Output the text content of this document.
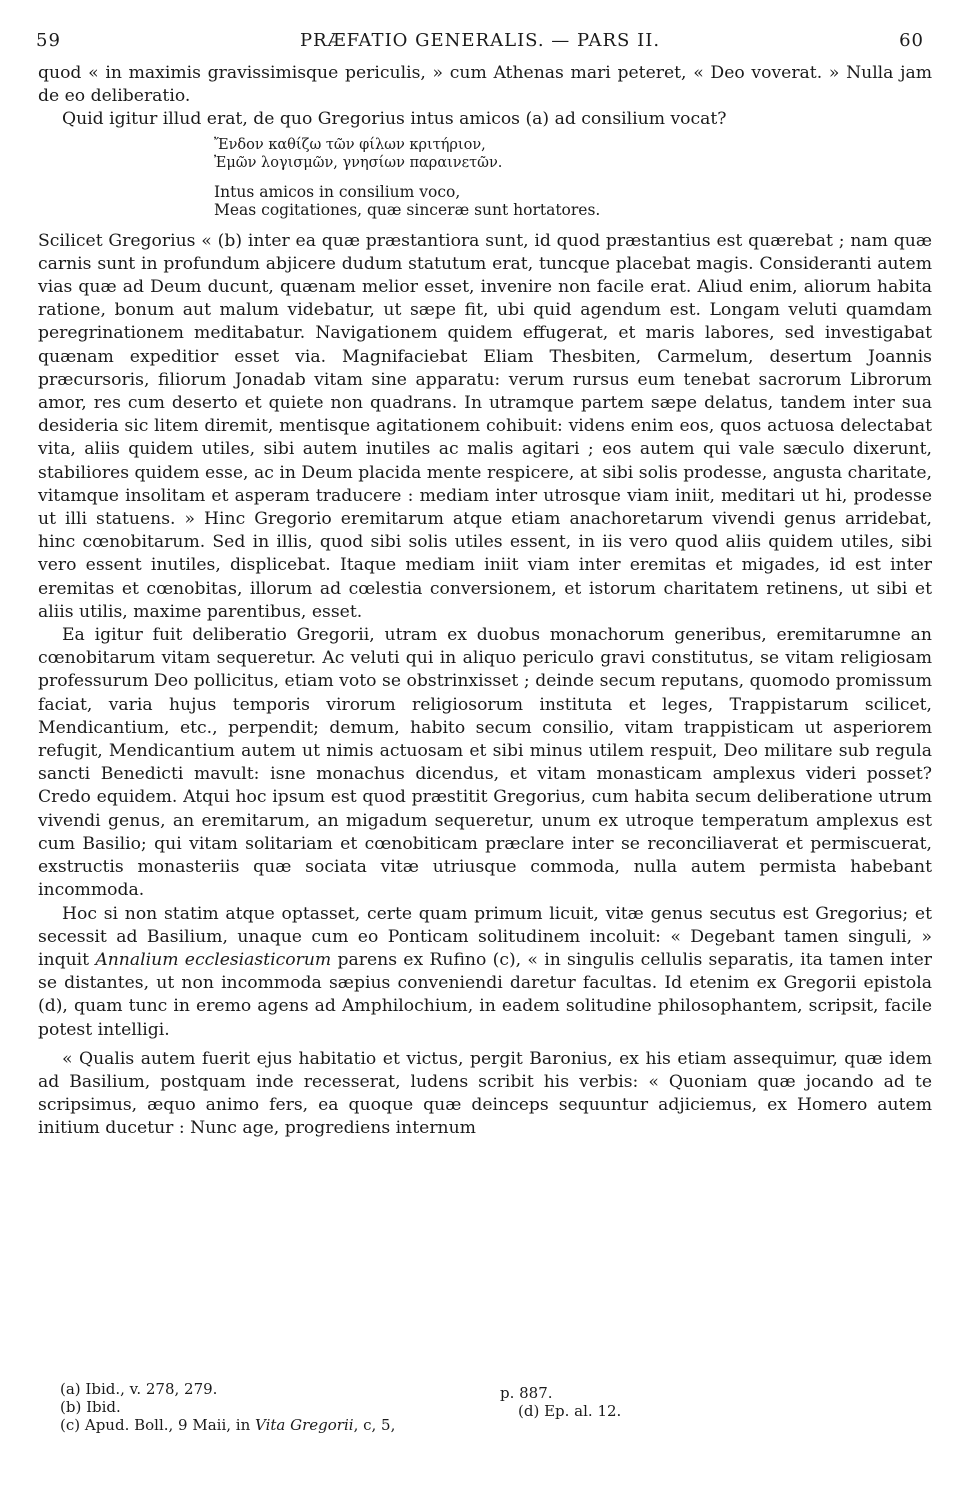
59	PRÆFATIO GENERALIS. — PARS II.	60

quod « in maximis gravissimisque periculis, » cum Athenas mari peteret, « Deo voverat. » Nulla jam de eo deliberatio.

Quid igitur illud erat, de quo Gregorius intus amicos (a) ad consilium vocat?

Ἔνδον καθίζω τῶν φίλων κριτήριον,
Ἐμῶν λογισμῶν, γνησίων παραινετῶν.
Intus amicos in consilium voco,
Meas cogitationes, quæ sinceræ sunt hortatores.

Scilicet Gregorius « (b) inter ea quæ præstantiora sunt, id quod præstantius est quærebat ; nam quæ carnis sunt in profundum abjicere dudum statutum erat, tuncque placebat magis. Consideranti autem vias quæ ad Deum ducunt, quænam melior esset, invenire non facile erat. Aliud enim, aliorum habita ratione, bonum aut malum videbatur, ut sæpe fit, ubi quid agendum est. Longam veluti quamdam peregrinationem meditabatur. Navigationem quidem effugerat, et maris labores, sed investigabat quænam expeditior esset via. Magnifaciebat Eliam Thesbiten, Carmelum, desertum Joannis præcursoris, filiorum Jonadab vitam sine apparatu: verum rursus eum tenebat sacrorum Librorum amor, res cum deserto et quiete non quadrans. In utramque partem sæpe delatus, tandem inter sua desideria sic litem diremit, mentisque agitationem cohibuit: videns enim eos, quos actuosa delectabat vita, aliis quidem utiles, sibi autem inutiles ac malis agitari ; eos autem qui vale sæculo dixerunt, stabiliores quidem esse, ac in Deum placida mente respicere, at sibi solis prodesse, angusta charitate, vitamque insolitam et asperam traducere : mediam inter utrosque viam iniit, meditari ut hi, prodesse ut illi statuens. » Hinc Gregorio eremitarum atque etiam anachoretarum vivendi genus arridebat, hinc cœnobitarum. Sed in illis, quod sibi solis utiles essent, in iis vero quod aliis quidem utiles, sibi vero essent inutiles, displicebat. Itaque mediam iniit viam inter eremitas et migades, id est inter eremitas et cœnobitas, illorum ad cœlestia conversionem, et istorum charitatem retinens, ut sibi et aliis utilis, maxime parentibus, esset.

Ea igitur fuit deliberatio Gregorii, utram ex duobus monachorum generibus, eremitarumne an cœnobitarum vitam sequeretur. Ac veluti qui in aliquo periculo gravi constitutus, se vitam religiosam professurum Deo pollicitus, etiam voto se obstrinxisset ; deinde secum reputans, quomodo promissum faciat, varia hujus temporis virorum religiosorum instituta et leges, Trappistarum scilicet, Mendicantium, etc., perpendit; demum, habito secum consilio, vitam trappisticam ut asperiorem refugit, Mendicantium autem ut nimis actuosam et sibi minus utilem respuit, Deo militare sub regula sancti Benedicti mavult: isne monachus dicendus, et vitam monasticam amplexus videri posset? Credo equidem. Atqui hoc ipsum est quod præstitit Gregorius, cum habita secum deliberatione utrum vivendi genus, an eremitarum, an migadum sequeretur, unum ex utroque temperatum amplexus est cum Basilio; qui vitam solitariam et cœnobiticam præclare inter se reconciliaverat et permiscuerat, exstructis monasteriis quæ sociata vitæ utriusque commoda, nulla autem permista habebant incommoda.

Hoc si non statim atque optasset, certe quam primum licuit, vitæ genus secutus est Gregorius; et secessit ad Basilium, unaque cum eo Ponticam solitudinem incoluit: « Degebant tamen singuli, » inquit Annalium ecclesiasticorum parens ex Rufino (c), « in singulis cellulis separatis, ita tamen inter se distantes, ut non incommoda sæpius conveniendi daretur facultas. Id etenim ex Gregorii epistola (d), quam tunc in eremo agens ad Amphilochium, in eadem solitudine philosophantem, scripsit, facile potest intelligi.

« Qualis autem fuerit ejus habitatio et victus, pergit Baronius, ex his etiam assequimur, quæ idem ad Basilium, postquam inde recesserat, ludens scribit his verbis: « Quoniam quæ jocando ad te scripsimus, æquo animo fers, ea quoque quæ deinceps sequuntur adjiciemus, ex Homero autem initium ducetur : Nunc age, progrediens internum

(a) Ibid., v. 278, 279.
(b) Ibid.
(c) Apud. Boll., 9 Maii, in Vita Gregorii, c, 5,
p. 887.
(d) Ep. al. 12.
